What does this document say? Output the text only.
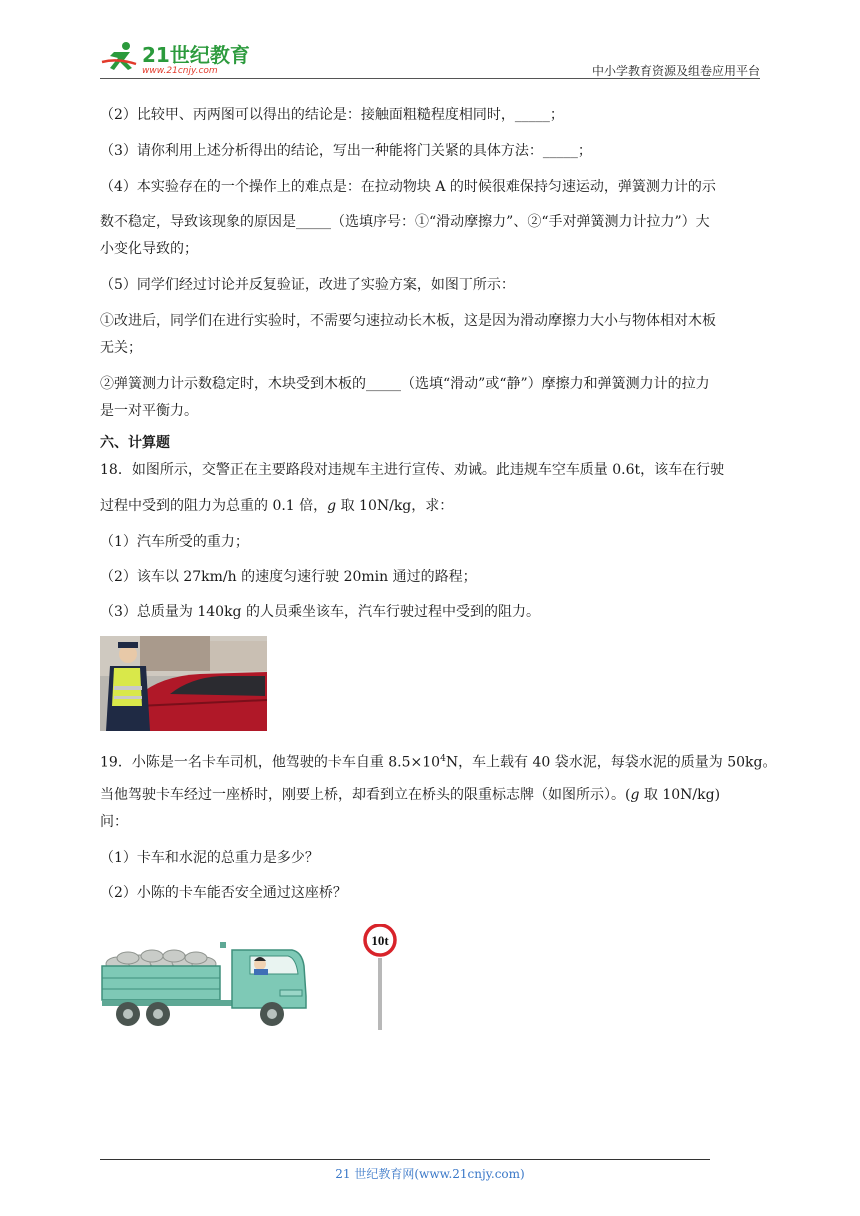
21世纪教育
www.21cnjy.com	中小学教育资源及组卷应用平台
（2）比较甲、丙两图可以得出的结论是：接触面粗糙程度相同时，_____；
（3）请你利用上述分析得出的结论，写出一种能将门关紧的具体方法：_____；
（4）本实验存在的一个操作上的难点是：在拉动物块 A 的时候很难保持匀速运动，弹簧测力计的示
数不稳定，导致该现象的原因是_____（选填序号：①“滑动摩擦力”、②“手对弹簧测力计拉力”）大
小变化导致的；
（5）同学们经过讨论并反复验证，改进了实验方案，如图丁所示：
①改进后，同学们在进行实验时，不需要匀速拉动长木板，这是因为滑动摩擦力大小与物体相对木板
无关；
②弹簧测力计示数稳定时，木块受到木板的_____（选填“滑动”或“静”）摩擦力和弹簧测力计的拉力
是一对平衡力。
六、计算题
18．如图所示，交警正在主要路段对违规车主进行宣传、劝诫。此违规车空车质量 0.6t，该车在行驶
过程中受到的阻力为总重的 0.1 倍，g 取 10N/kg，求：
（1）汽车所受的重力；
（2）该车以 27km/h 的速度匀速行驶 20min 通过的路程；
（3）总质量为 140kg 的人员乘坐该车，汽车行驶过程中受到的阻力。
19．小陈是一名卡车司机，他驾驶的卡车自重 $8.5\times 10^4N$，车上载有 40 袋水泥，每袋水泥的质量为 50kg。
当他驾驶卡车经过一座桥时，刚要上桥，却看到立在桥头的限重标志牌（如图所示）。(g 取 10N/kg)
问：
（1）卡车和水泥的总重力是多少？
（2）小陈的卡车能否安全通过这座桥？
10t
21 世纪教育网(www.21cnjy.com)
